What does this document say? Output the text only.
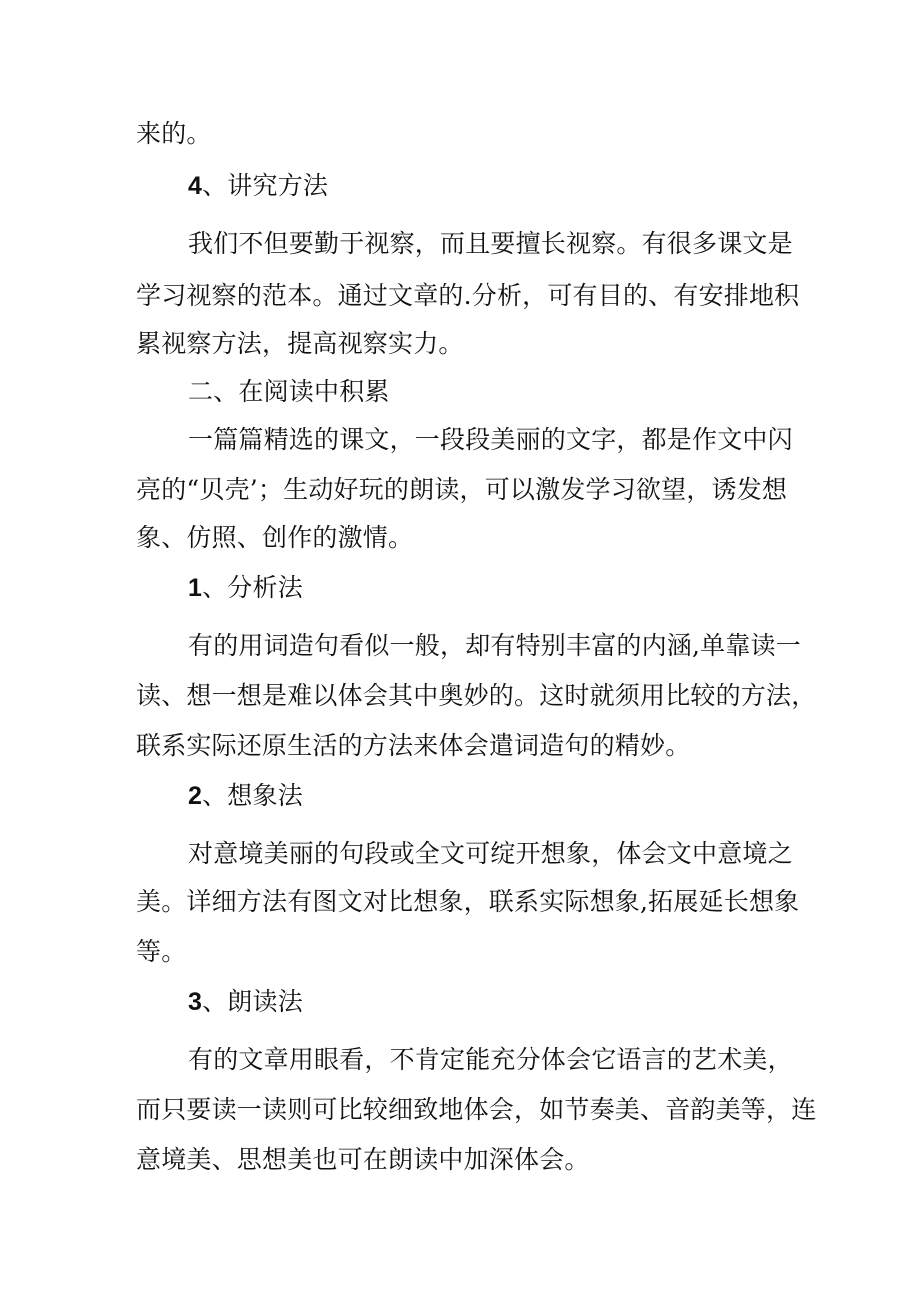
来的。
4、讲究方法
我们不但要勤于视察，而且要擅长视察。有很多课文是
学习视察的范本。通过文章的.分析，可有目的、有安排地积
累视察方法，提高视察实力。
二、在阅读中积累
一篇篇精选的课文，一段段美丽的文字，都是作文中闪
亮的“贝壳’；生动好玩的朗读，可以激发学习欲望，诱发想
象、仿照、创作的激情。
1、分析法
有的用词造句看似一般，却有特别丰富的内涵,单靠读一
读、想一想是难以体会其中奥妙的。这时就须用比较的方法，
联系实际还原生活的方法来体会遣词造句的精妙。
2、想象法
对意境美丽的句段或全文可绽开想象，体会文中意境之
美。详细方法有图文对比想象，联系实际想象,拓展延长想象
等。
3、朗读法
有的文章用眼看，不肯定能充分体会它语言的艺术美，
而只要读一读则可比较细致地体会，如节奏美、音韵美等，连
意境美、思想美也可在朗读中加深体会。
